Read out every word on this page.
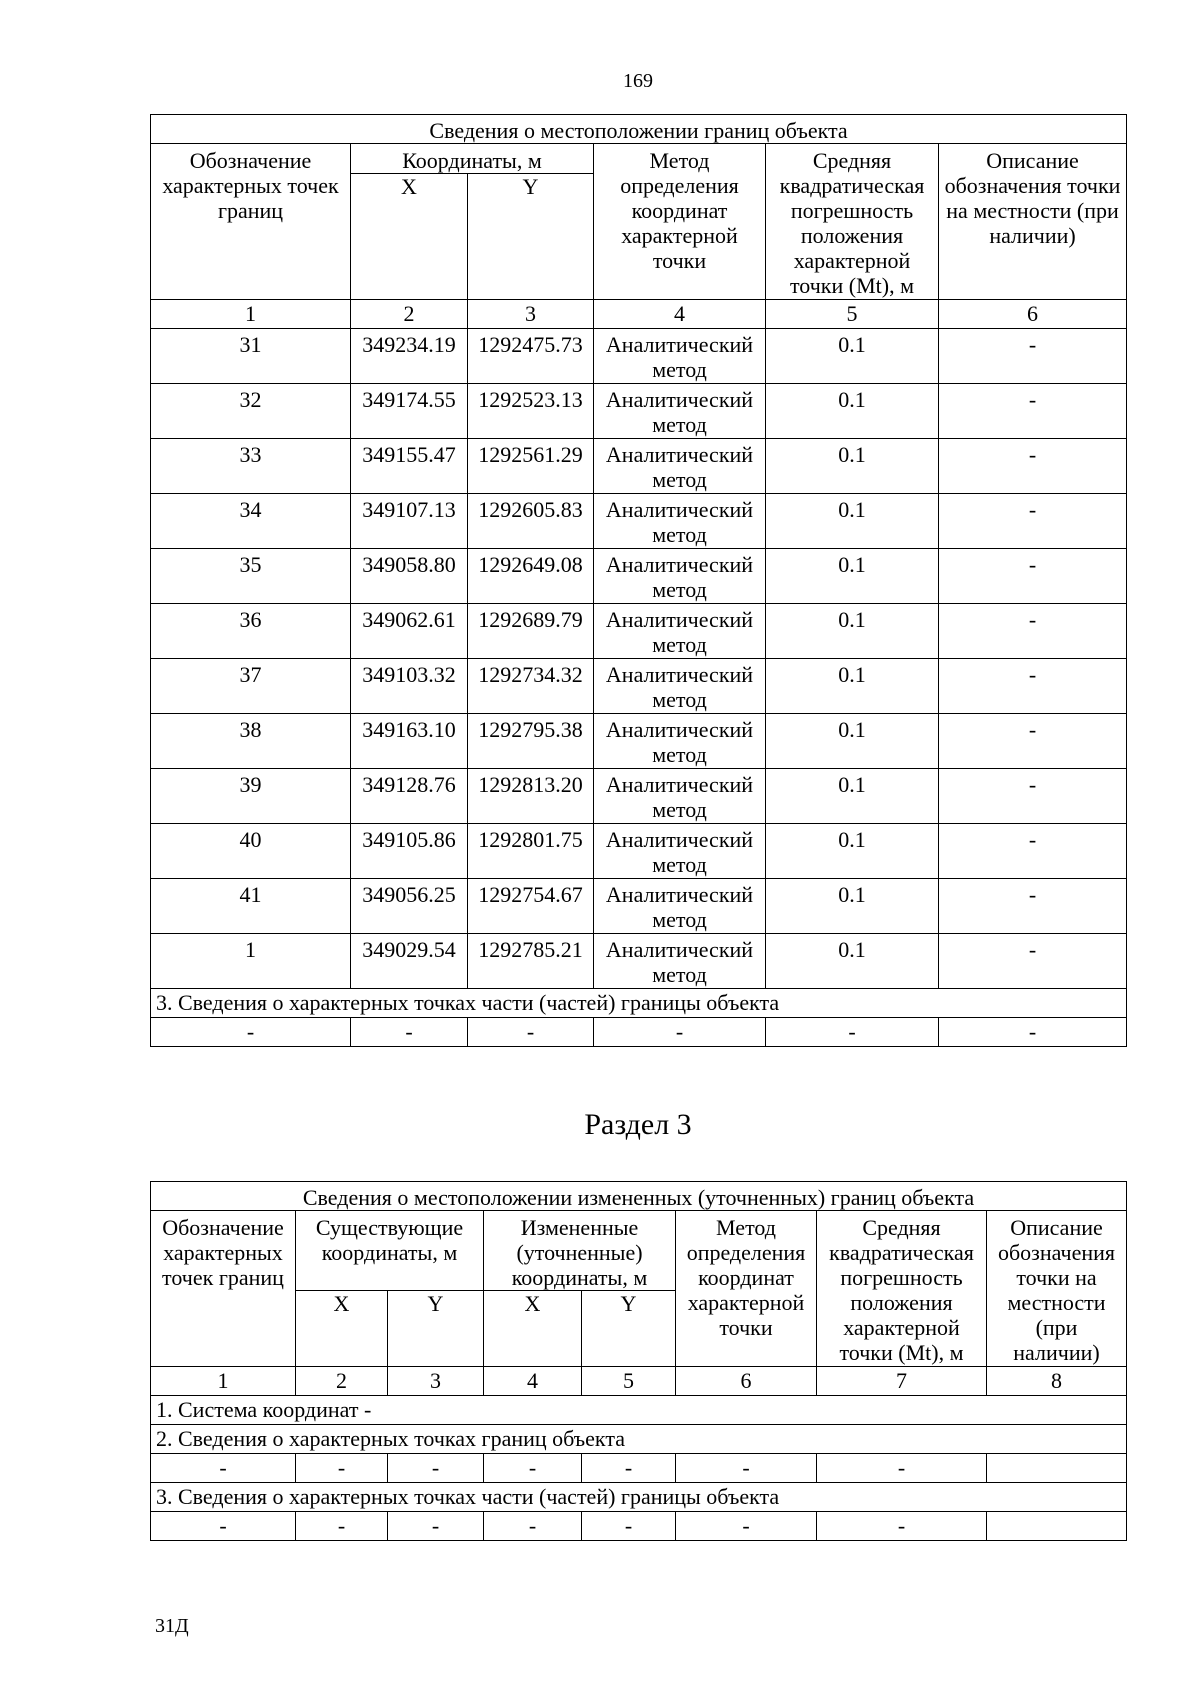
169
Сведения о местоположении границ объекта					
Обозначение характерных точек границ	Координаты, м		Метод определения координат характерной точки	Средняя квадратическая погрешность положения характерной точки (Mt), м	Описание обозначения точки на местности (при наличии)
	X	Y			
1	2	3	4	5	6
31	349234.19	1292475.73	Аналитический метод	0.1	-
32	349174.55	1292523.13	Аналитический метод	0.1	-
33	349155.47	1292561.29	Аналитический метод	0.1	-
34	349107.13	1292605.83	Аналитический метод	0.1	-
35	349058.80	1292649.08	Аналитический метод	0.1	-
36	349062.61	1292689.79	Аналитический метод	0.1	-
37	349103.32	1292734.32	Аналитический метод	0.1	-
38	349163.10	1292795.38	Аналитический метод	0.1	-
39	349128.76	1292813.20	Аналитический метод	0.1	-
40	349105.86	1292801.75	Аналитический метод	0.1	-
41	349056.25	1292754.67	Аналитический метод	0.1	-
1	349029.54	1292785.21	Аналитический метод	0.1	-
3. Сведения о характерных точках части (частей) границы объекта					
-	-	-	-	-	-
Раздел 3
Сведения о местоположении измененных (уточненных) границ объекта							
Обозначение характерных точек границ	Существующие координаты, м		Измененные (уточненные) координаты, м		Метод определения координат характерной точки	Средняя квадратическая погрешность положения характерной точки (Mt), м	Описание обозначения точки на местности (при наличии)
	X	Y	X	Y			
1	2	3	4	5	6	7	8
1. Система координат -							
2. Сведения о характерных точках границ объекта							
-	-	-	-	-	-	-	
3. Сведения о характерных точках части (частей) границы объекта							
-	-	-	-	-	-	-	
31Д
